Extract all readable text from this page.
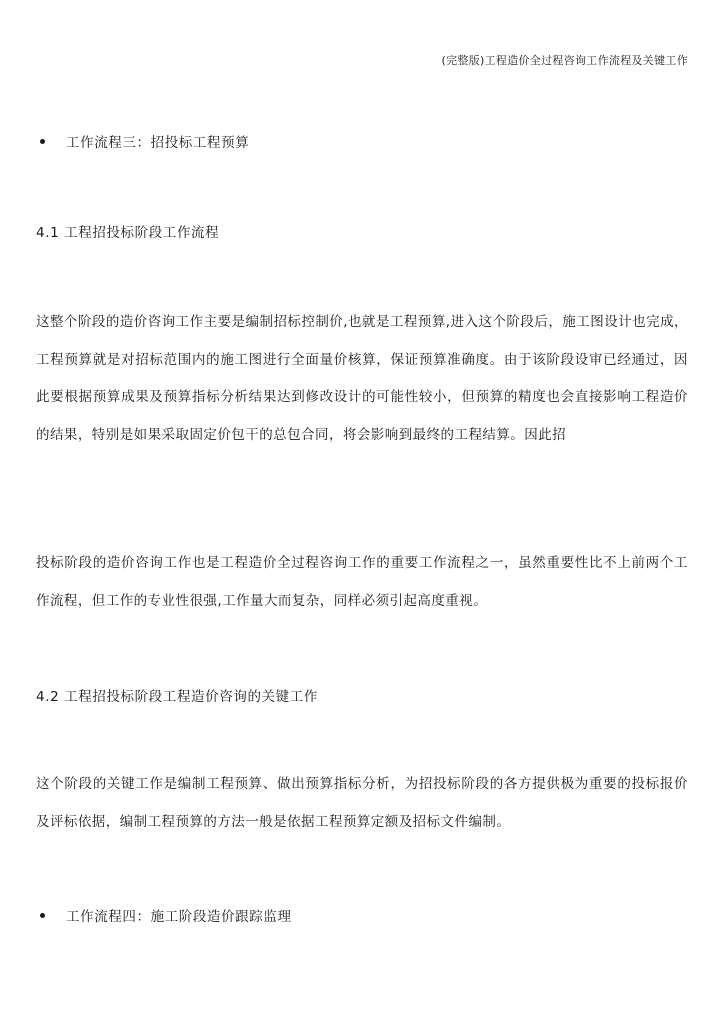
(完整版)工程造价全过程咨询工作流程及关键工作
工作流程三：招投标工程预算
4.1 工程招投标阶段工作流程

这整个阶段的造价咨询工作主要是编制招标控制价,也就是工程预算,进入这个阶段后，施工图设计也完成，工程预算就是对招标范围内的施工图进行全面量价核算，保证预算准确度。由于该阶段设审已经通过，因此要根据预算成果及预算指标分析结果达到修改设计的可能性较小，但预算的精度也会直接影响工程造价的结果，特别是如果采取固定价包干的总包合同，将会影响到最终的工程结算。因此招

投标阶段的造价咨询工作也是工程造价全过程咨询工作的重要工作流程之一，虽然重要性比不上前两个工作流程，但工作的专业性很强,工作量大而复杂，同样必须引起高度重视。

4.2 工程招投标阶段工程造价咨询的关键工作

这个阶段的关键工作是编制工程预算、做出预算指标分析，为招投标阶段的各方提供极为重要的投标报价及评标依据，编制工程预算的方法一般是依据工程预算定额及招标文件编制。

工作流程四：施工阶段造价跟踪监理
